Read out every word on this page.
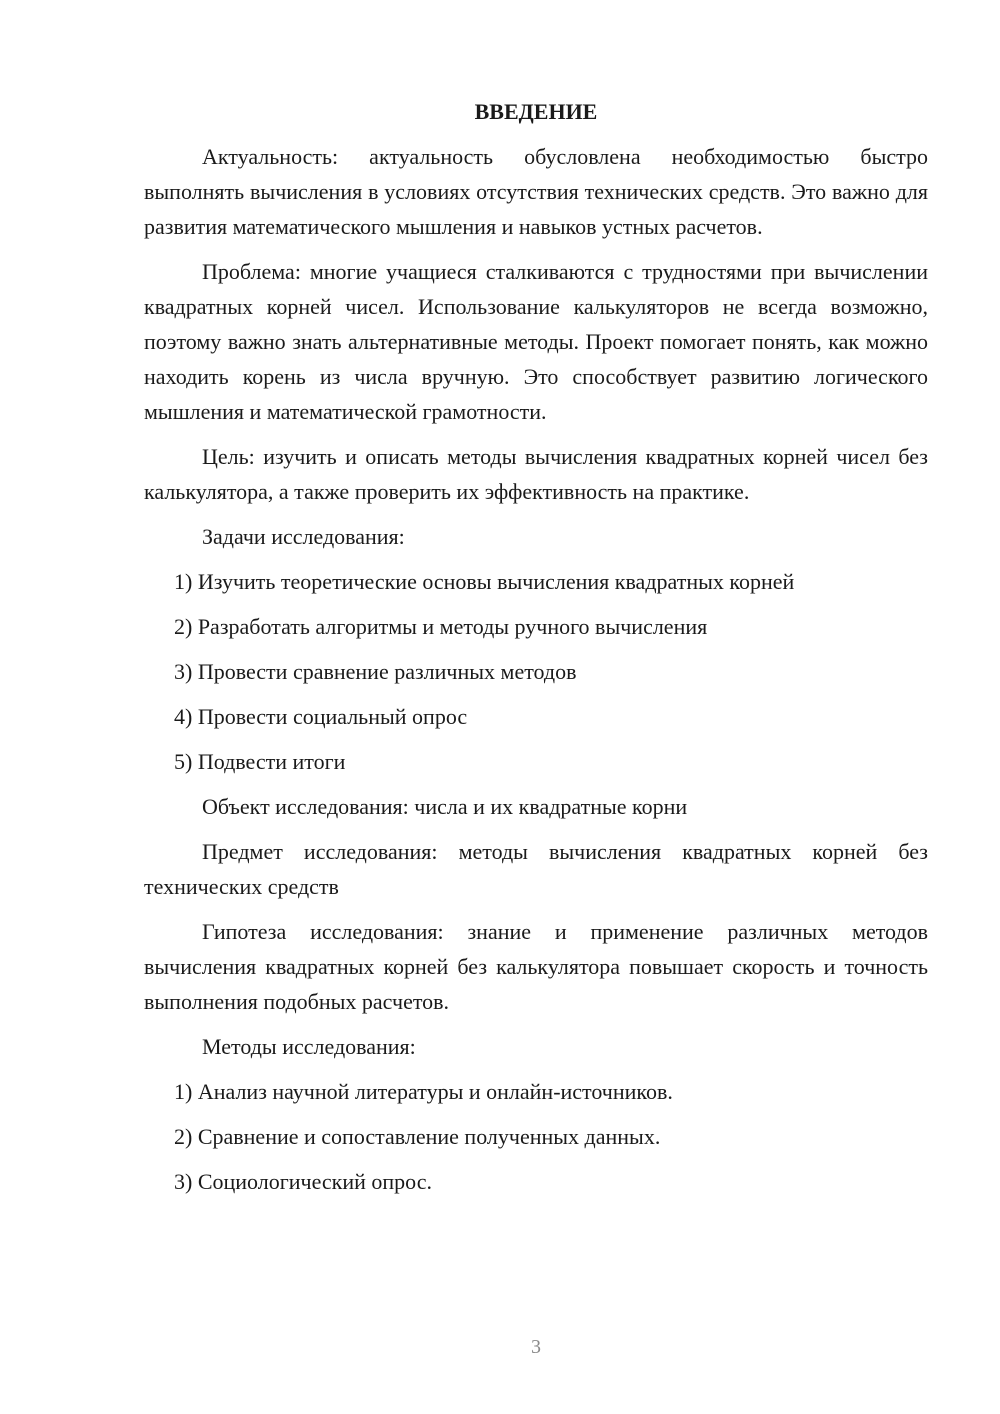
ВВЕДЕНИЕ

Актуальность: актуальность обусловлена необходимостью быстро выполнять вычисления в условиях отсутствия технических средств. Это важно для развития математического мышления и навыков устных расчетов.

Проблема: многие учащиеся сталкиваются с трудностями при вычислении квадратных корней чисел. Использование калькуляторов не всегда возможно, поэтому важно знать альтернативные методы. Проект помогает понять, как можно находить корень из числа вручную. Это способствует развитию логического мышления и математической грамотности.

Цель: изучить и описать методы вычисления квадратных корней чисел без калькулятора, а также проверить их эффективность на практике.

Задачи исследования:

1) Изучить теоретические основы вычисления квадратных корней

2) Разработать алгоритмы и методы ручного вычисления

3) Провести сравнение различных методов

4) Провести социальный опрос

5) Подвести итоги

Объект исследования: числа и их квадратные корни

Предмет исследования: методы вычисления квадратных корней без технических средств

Гипотеза исследования: знание и применение различных методов вычисления квадратных корней без калькулятора повышает скорость и точность выполнения подобных расчетов.

Методы исследования:

1) Анализ научной литературы и онлайн-источников.

2) Сравнение и сопоставление полученных данных.

3) Социологический опрос.

3
